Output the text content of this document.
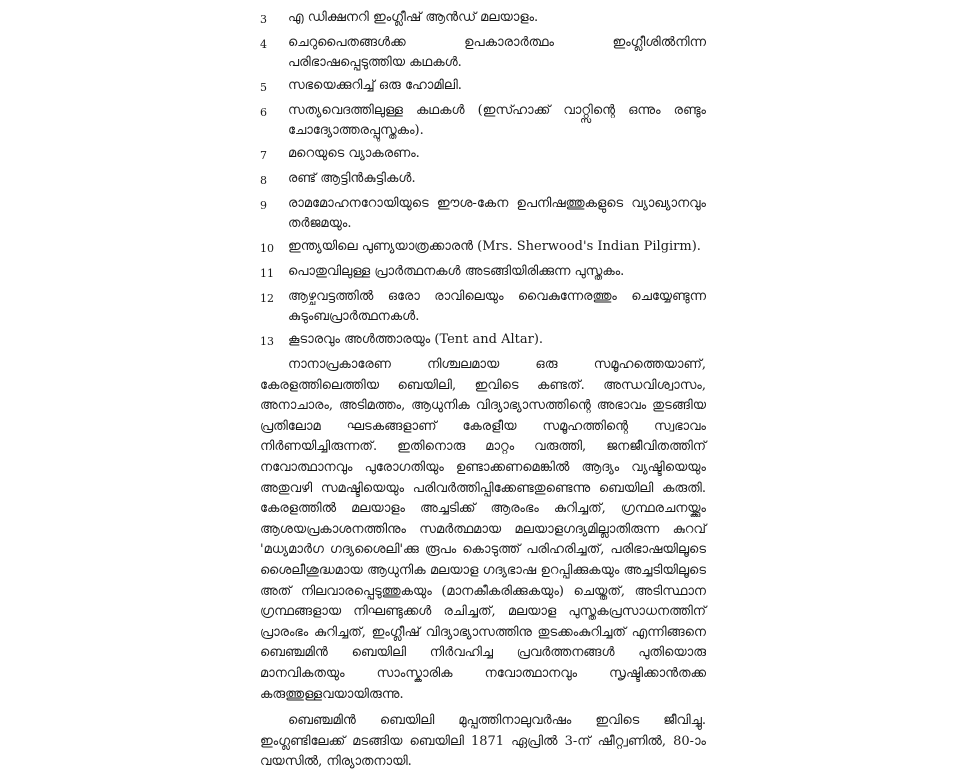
3	എ ഡിക്ഷനറി ഇംഗ്ലീഷ് ആൻഡ് മലയാളം.
4	ചെറുപൈതങ്ങൾക്ക ഉപകാരാർത്ഥം ഇംഗ്ലീശിൽനിന്ന പരിഭാഷപ്പെടുത്തിയ കഥകൾ.
5	സഭയെക്കുറിച്ച് ഒരു ഹോമിലി.
6	സത്യവെദത്തിലുള്ള കഥകൾ (ഇസ്ഹാക്ക് വാറ്റ്സിന്റെ ഒന്നും രണ്ടും ചോദ്യോത്തരപ്പുസ്തകം).
7	മറെയുടെ വ്യാകരണം.
8	രണ്ട് ആട്ടിൻകുട്ടികൾ.
9	രാമമോഹനറോയിയുടെ ഈശ-കേന ഉപനിഷത്തുകളുടെ വ്യാഖ്യാനവും തർജമയും.
10	ഇന്ത്യയിലെ പുണ്യയാത്രക്കാരൻ (Mrs. Sherwood's Indian Pilgirm).
11	പൊതുവിലുള്ള പ്രാർത്ഥനകൾ അടങ്ങിയിരിക്കുന്ന പുസ്തകം.
12	ആഴ്ചവട്ടത്തിൽ ഒരോ രാവിലെയും വൈകുന്നേരത്തും ചെയ്യേണ്ടുന്ന കുടുംബപ്രാർത്ഥനകൾ.
13	കൂടാരവും അൾത്താരയും (Tent and Altar).

നാനാപ്രകാരേണ നിശ്ചലമായ ഒരു സമൂഹത്തെയാണ്, കേരളത്തിലെത്തിയ ബെയിലി, ഇവിടെ കണ്ടത്. അന്ധവിശ്വാസം, അനാചാരം, അടിമത്തം, ആധുനിക വിദ്യാഭ്യാസത്തിന്റെ അഭാവം തുടങ്ങിയ പ്രതിലോമ ഘടകങ്ങളാണ് കേരളീയ സമൂഹത്തിന്റെ സ്വഭാവം നിർണയിച്ചിരുന്നത്. ഇതിനൊരു മാറ്റം വരുത്തി, ജനജീവിതത്തിന് നവോത്ഥാനവും പുരോഗതിയും ഉണ്ടാക്കണമെങ്കിൽ ആദ്യം വ്യഷ്ടിയെയും അതുവഴി സമഷ്ടിയെയും പരിവർത്തിപ്പിക്കേണ്ടതുണ്ടെന്നു ബെയിലി കരുതി. കേരളത്തിൽ മലയാളം അച്ചടിക്ക് ആരംഭം കുറിച്ചത്, ഗ്രന്ഥരചനയ്ക്കും ആശയപ്രകാശനത്തിനും സമർത്ഥമായ മലയാളഗദ്യമില്ലാതിരുന്ന കുറവ് 'മധ്യമാർഗ ഗദ്യശൈലി'ക്കു രൂപം കൊടുത്ത് പരിഹരിച്ചത്, പരിഭാഷയിലൂടെ ശൈലീശുദ്ധമായ ആധുനിക മലയാള ഗദ്യഭാഷ ഉറപ്പിക്കുകയും അച്ചടിയിലൂടെ അത് നിലവാരപ്പെടുത്തുകയും (മാനകീകരിക്കുകയും) ചെയ്തത്, അടിസ്ഥാന ഗ്രന്ഥങ്ങളായ നിഘണ്ടുക്കൾ രചിച്ചത്, മലയാള പുസ്തകപ്രസാധനത്തിന് പ്രാരംഭം കുറിച്ചത്, ഇംഗ്ലീഷ് വിദ്യാഭ്യാസത്തിനു തുടക്കംകുറിച്ചത് എന്നിങ്ങനെ ബെഞ്ചമിൻ ബെയിലി നിർവഹിച്ച പ്രവർത്തനങ്ങൾ പുതിയൊരു മാനവികതയും സാംസ്കാരിക നവോത്ഥാനവും സൃഷ്ടിക്കാൻതക്ക കരുത്തുള്ളവയായിരുന്നു.

ബെഞ്ചമിൻ ബെയിലി മുപ്പത്തിനാലുവർഷം ഇവിടെ ജീവിച്ചു. ഇംഗ്ലണ്ടിലേക്ക് മടങ്ങിയ ബെയിലി 1871 ഏപ്രിൽ 3-ന് ഷീറ്റ്വണിൽ, 80-ാം വയസിൽ, നിര്യാതനായി.
